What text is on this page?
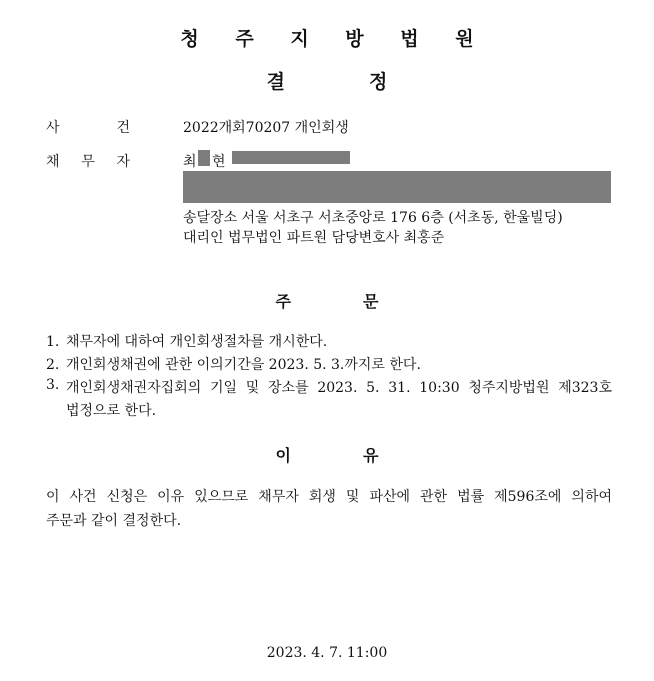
청 주 지 방 법 원
결	정
사	건	2022개회70207 개인회생
채 무 자	최 현
송달장소 서울 서초구 서초중앙로 176 6층 (서초동, 한울빌딩)
대리인 법무법인 파트원 담당변호사 최홍준
주	문
1. 채무자에 대하여 개인회생절차를 개시한다.
2. 개인회생채권에 관한 이의기간을 2023. 5. 3.까지로 한다.
3. 개인회생채권자집회의 기일 및 장소를 2023. 5. 31. 10:30 청주지방법원 제323호
법정으로 한다.
이	유
이 사건 신청은 이유 있으므로 채무자 회생 및 파산에 관한 법률 제596조에 의하여
주문과 같이 결정한다.
2023. 4. 7. 11:00
